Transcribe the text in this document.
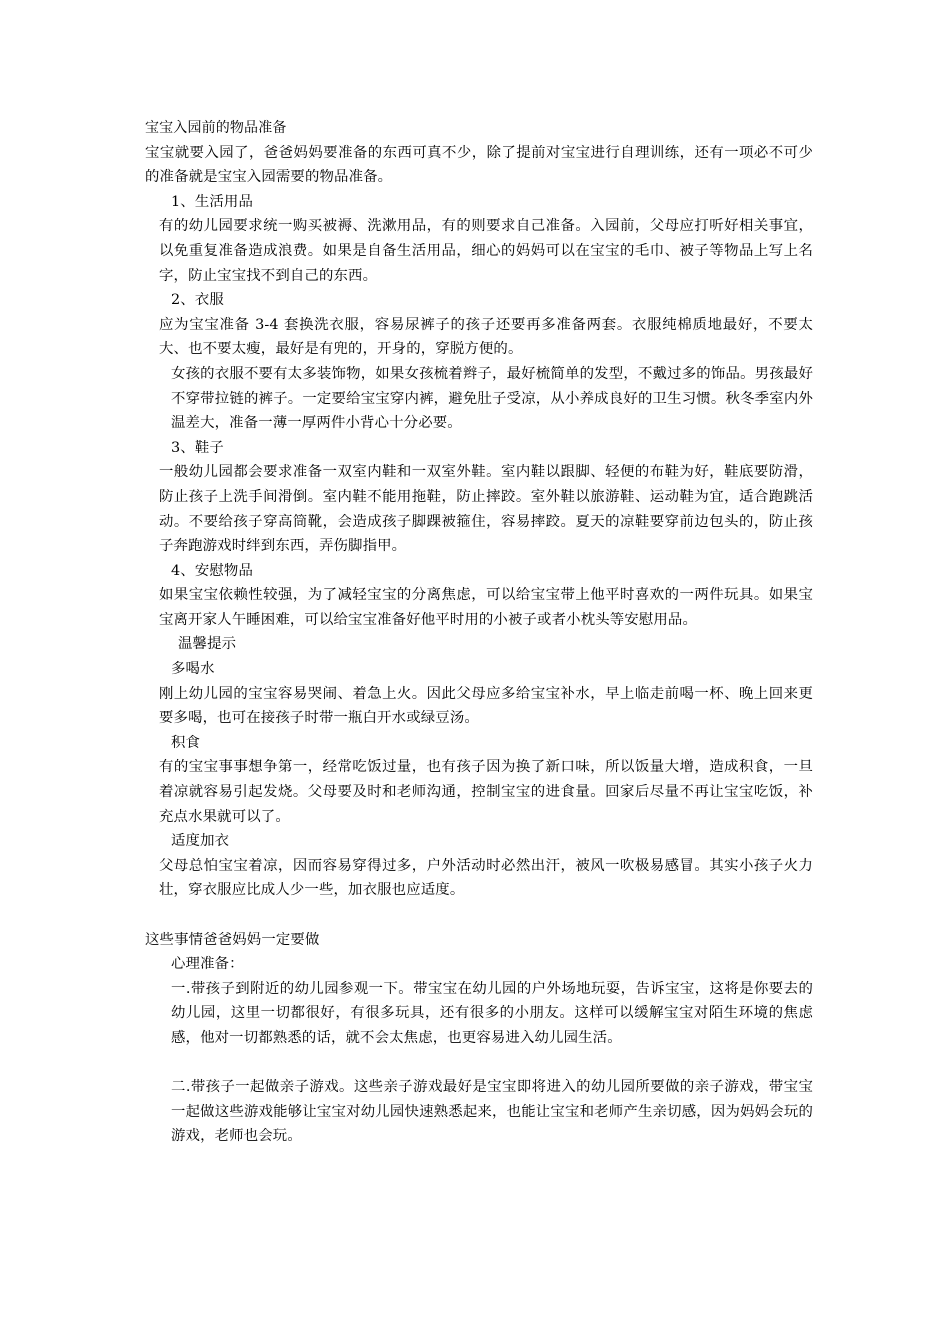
宝宝入园前的物品准备

宝宝就要入园了，爸爸妈妈要准备的东西可真不少，除了提前对宝宝进行自理训练，还有一项必不可少的准备就是宝宝入园需要的物品准备。

1、生活用品

有的幼儿园要求统一购买被褥、洗漱用品，有的则要求自己准备。入园前，父母应打听好相关事宜，以免重复准备造成浪费。如果是自备生活用品，细心的妈妈可以在宝宝的毛巾、被子等物品上写上名字，防止宝宝找不到自己的东西。

2、衣服

应为宝宝准备 3-4 套换洗衣服，容易尿裤子的孩子还要再多准备两套。衣服纯棉质地最好，不要太大、也不要太瘦，最好是有兜的，开身的，穿脱方便的。

女孩的衣服不要有太多装饰物，如果女孩梳着辫子，最好梳简单的发型，不戴过多的饰品。男孩最好不穿带拉链的裤子。一定要给宝宝穿内裤，避免肚子受凉，从小养成良好的卫生习惯。秋冬季室内外温差大，准备一薄一厚两件小背心十分必要。

3、鞋子

一般幼儿园都会要求准备一双室内鞋和一双室外鞋。室内鞋以跟脚、轻便的布鞋为好，鞋底要防滑，防止孩子上洗手间滑倒。室内鞋不能用拖鞋，防止摔跤。室外鞋以旅游鞋、运动鞋为宜，适合跑跳活动。不要给孩子穿高筒靴，会造成孩子脚踝被箍住，容易摔跤。夏天的凉鞋要穿前边包头的，防止孩子奔跑游戏时绊到东西，弄伤脚指甲。

4、安慰物品

如果宝宝依赖性较强，为了减轻宝宝的分离焦虑，可以给宝宝带上他平时喜欢的一两件玩具。如果宝宝离开家人午睡困难，可以给宝宝准备好他平时用的小被子或者小枕头等安慰用品。

温馨提示

多喝水

刚上幼儿园的宝宝容易哭闹、着急上火。因此父母应多给宝宝补水，早上临走前喝一杯、晚上回来更要多喝，也可在接孩子时带一瓶白开水或绿豆汤。

积食

有的宝宝事事想争第一，经常吃饭过量，也有孩子因为换了新口味，所以饭量大增，造成积食，一旦着凉就容易引起发烧。父母要及时和老师沟通，控制宝宝的进食量。回家后尽量不再让宝宝吃饭，补充点水果就可以了。

适度加衣

父母总怕宝宝着凉，因而容易穿得过多，户外活动时必然出汗，被风一吹极易感冒。其实小孩子火力壮，穿衣服应比成人少一些，加衣服也应适度。

这些事情爸爸妈妈一定要做

心理准备：

一.带孩子到附近的幼儿园参观一下。带宝宝在幼儿园的户外场地玩耍，告诉宝宝，这将是你要去的幼儿园，这里一切都很好，有很多玩具，还有很多的小朋友。这样可以缓解宝宝对陌生环境的焦虑感，他对一切都熟悉的话，就不会太焦虑，也更容易进入幼儿园生活。

二.带孩子一起做亲子游戏。这些亲子游戏最好是宝宝即将进入的幼儿园所要做的亲子游戏，带宝宝一起做这些游戏能够让宝宝对幼儿园快速熟悉起来，也能让宝宝和老师产生亲切感，因为妈妈会玩的游戏，老师也会玩。
